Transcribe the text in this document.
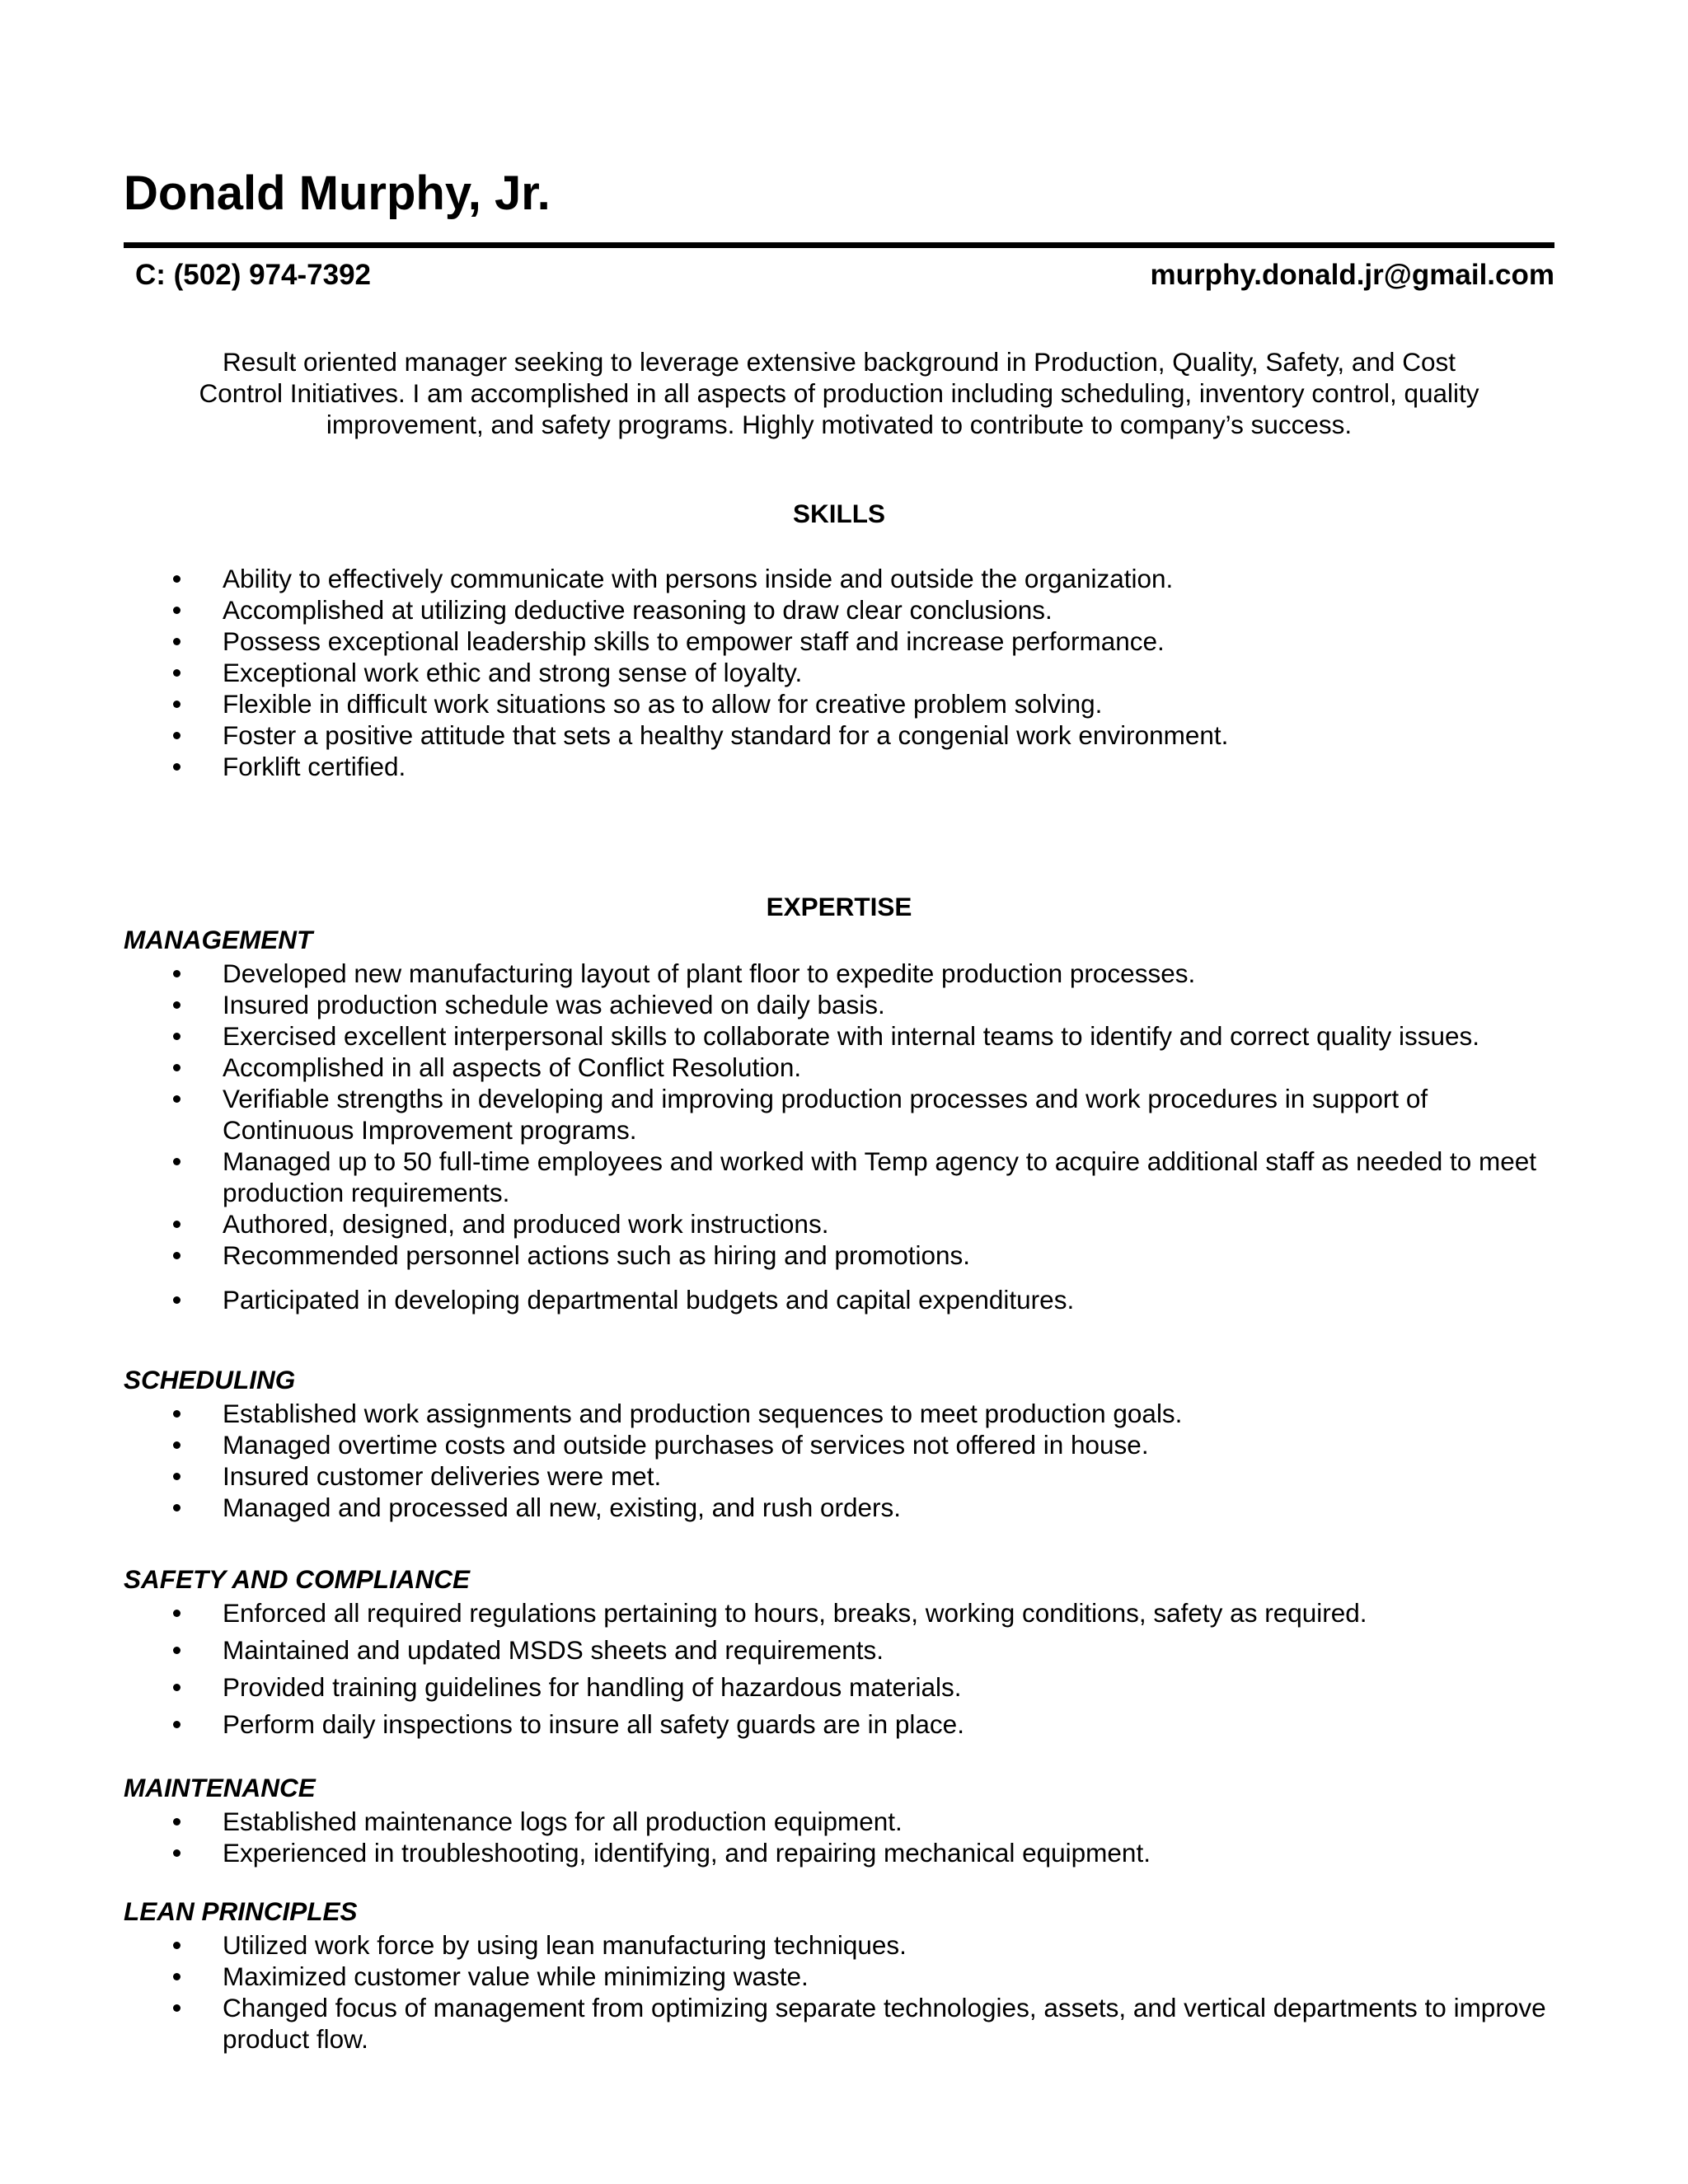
Donald Murphy, Jr.
C: (502) 974-7392	murphy.donald.jr@gmail.com
Result oriented manager seeking to leverage extensive background in Production, Quality, Safety, and Cost
Control Initiatives. I am accomplished in all aspects of production including scheduling, inventory control, quality
improvement, and safety programs. Highly motivated to contribute to company’s success.
SKILLS
Ability to effectively communicate with persons inside and outside the organization.
Accomplished at utilizing deductive reasoning to draw clear conclusions.
Possess exceptional leadership skills to empower staff and increase performance.
Exceptional work ethic and strong sense of loyalty.
Flexible in difficult work situations so as to allow for creative problem solving.
Foster a positive attitude that sets a healthy standard for a congenial work environment.
Forklift certified.
EXPERTISE
MANAGEMENT
Developed new manufacturing layout of plant floor to expedite production processes.
Insured production schedule was achieved on daily basis.
Exercised excellent interpersonal skills to collaborate with internal teams to identify and correct quality issues.
Accomplished in all aspects of Conflict Resolution.
Verifiable strengths in developing and improving production processes and work procedures in support of Continuous Improvement programs.
Managed up to 50 full-time employees and worked with Temp agency to acquire additional staff as needed to meet production requirements.
Authored, designed, and produced work instructions.
Recommended personnel actions such as hiring and promotions.
Participated in developing departmental budgets and capital expenditures.
SCHEDULING
Established work assignments and production sequences to meet production goals.
Managed overtime costs and outside purchases of services not offered in house.
Insured customer deliveries were met.
Managed and processed all new, existing, and rush orders.
SAFETY AND COMPLIANCE
Enforced all required regulations pertaining to hours, breaks, working conditions, safety as required.
Maintained and updated MSDS sheets and requirements.
Provided training guidelines for handling of hazardous materials.
Perform daily inspections to insure all safety guards are in place.
MAINTENANCE
Established maintenance logs for all production equipment.
Experienced in troubleshooting, identifying, and repairing mechanical equipment.
LEAN PRINCIPLES
Utilized work force by using lean manufacturing techniques.
Maximized customer value while minimizing waste.
Changed focus of management from optimizing separate technologies, assets, and vertical departments to improve product flow.
